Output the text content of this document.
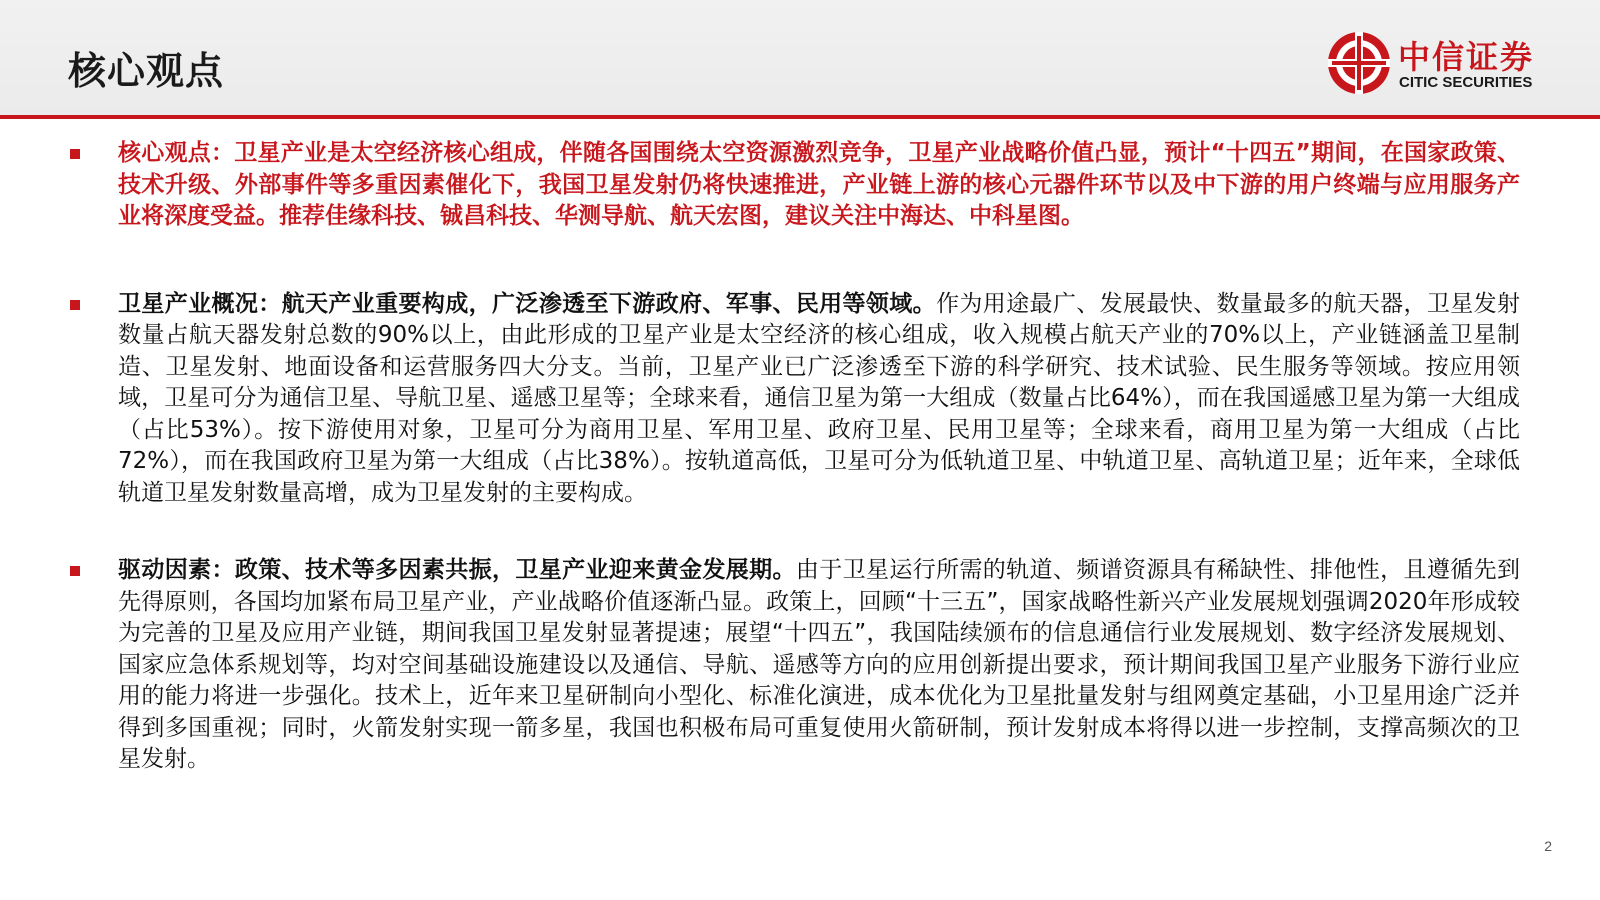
核心观点	中信证券
CITIC SECURITIES
核心观点：卫星产业是太空经济核心组成，伴随各国围绕太空资源激烈竞争，卫星产业战略价值凸显，预计“十四五”期间，在国家政策、技术升级、外部事件等多重因素催化下，我国卫星发射仍将快速推进，产业链上游的核心元器件环节以及中下游的用户终端与应用服务产业将深度受益。推荐佳缘科技、铖昌科技、华测导航、航天宏图，建议关注中海达、中科星图。
卫星产业概况：航天产业重要构成，广泛渗透至下游政府、军事、民用等领域。作为用途最广、发展最快、数量最多的航天器，卫星发射数量占航天器发射总数的90%以上，由此形成的卫星产业是太空经济的核心组成，收入规模占航天产业的70%以上，产业链涵盖卫星制造、卫星发射、地面设备和运营服务四大分支。当前，卫星产业已广泛渗透至下游的科学研究、技术试验、民生服务等领域。按应用领域，卫星可分为通信卫星、导航卫星、遥感卫星等；全球来看，通信卫星为第一大组成（数量占比64%），而在我国遥感卫星为第一大组成（占比53%）。按下游使用对象，卫星可分为商用卫星、军用卫星、政府卫星、民用卫星等；全球来看，商用卫星为第一大组成（占比72%），而在我国政府卫星为第一大组成（占比38%）。按轨道高低，卫星可分为低轨道卫星、中轨道卫星、高轨道卫星；近年来，全球低轨道卫星发射数量高增，成为卫星发射的主要构成。
驱动因素：政策、技术等多因素共振，卫星产业迎来黄金发展期。由于卫星运行所需的轨道、频谱资源具有稀缺性、排他性，且遵循先到先得原则，各国均加紧布局卫星产业，产业战略价值逐渐凸显。政策上，回顾“十三五”，国家战略性新兴产业发展规划强调2020年形成较为完善的卫星及应用产业链，期间我国卫星发射显著提速；展望“十四五”，我国陆续颁布的信息通信行业发展规划、数字经济发展规划、国家应急体系规划等，均对空间基础设施建设以及通信、导航、遥感等方向的应用创新提出要求，预计期间我国卫星产业服务下游行业应用的能力将进一步强化。技术上，近年来卫星研制向小型化、标准化演进，成本优化为卫星批量发射与组网奠定基础，小卫星用途广泛并得到多国重视；同时，火箭发射实现一箭多星，我国也积极布局可重复使用火箭研制，预计发射成本将得以进一步控制，支撑高频次的卫星发射。
2
